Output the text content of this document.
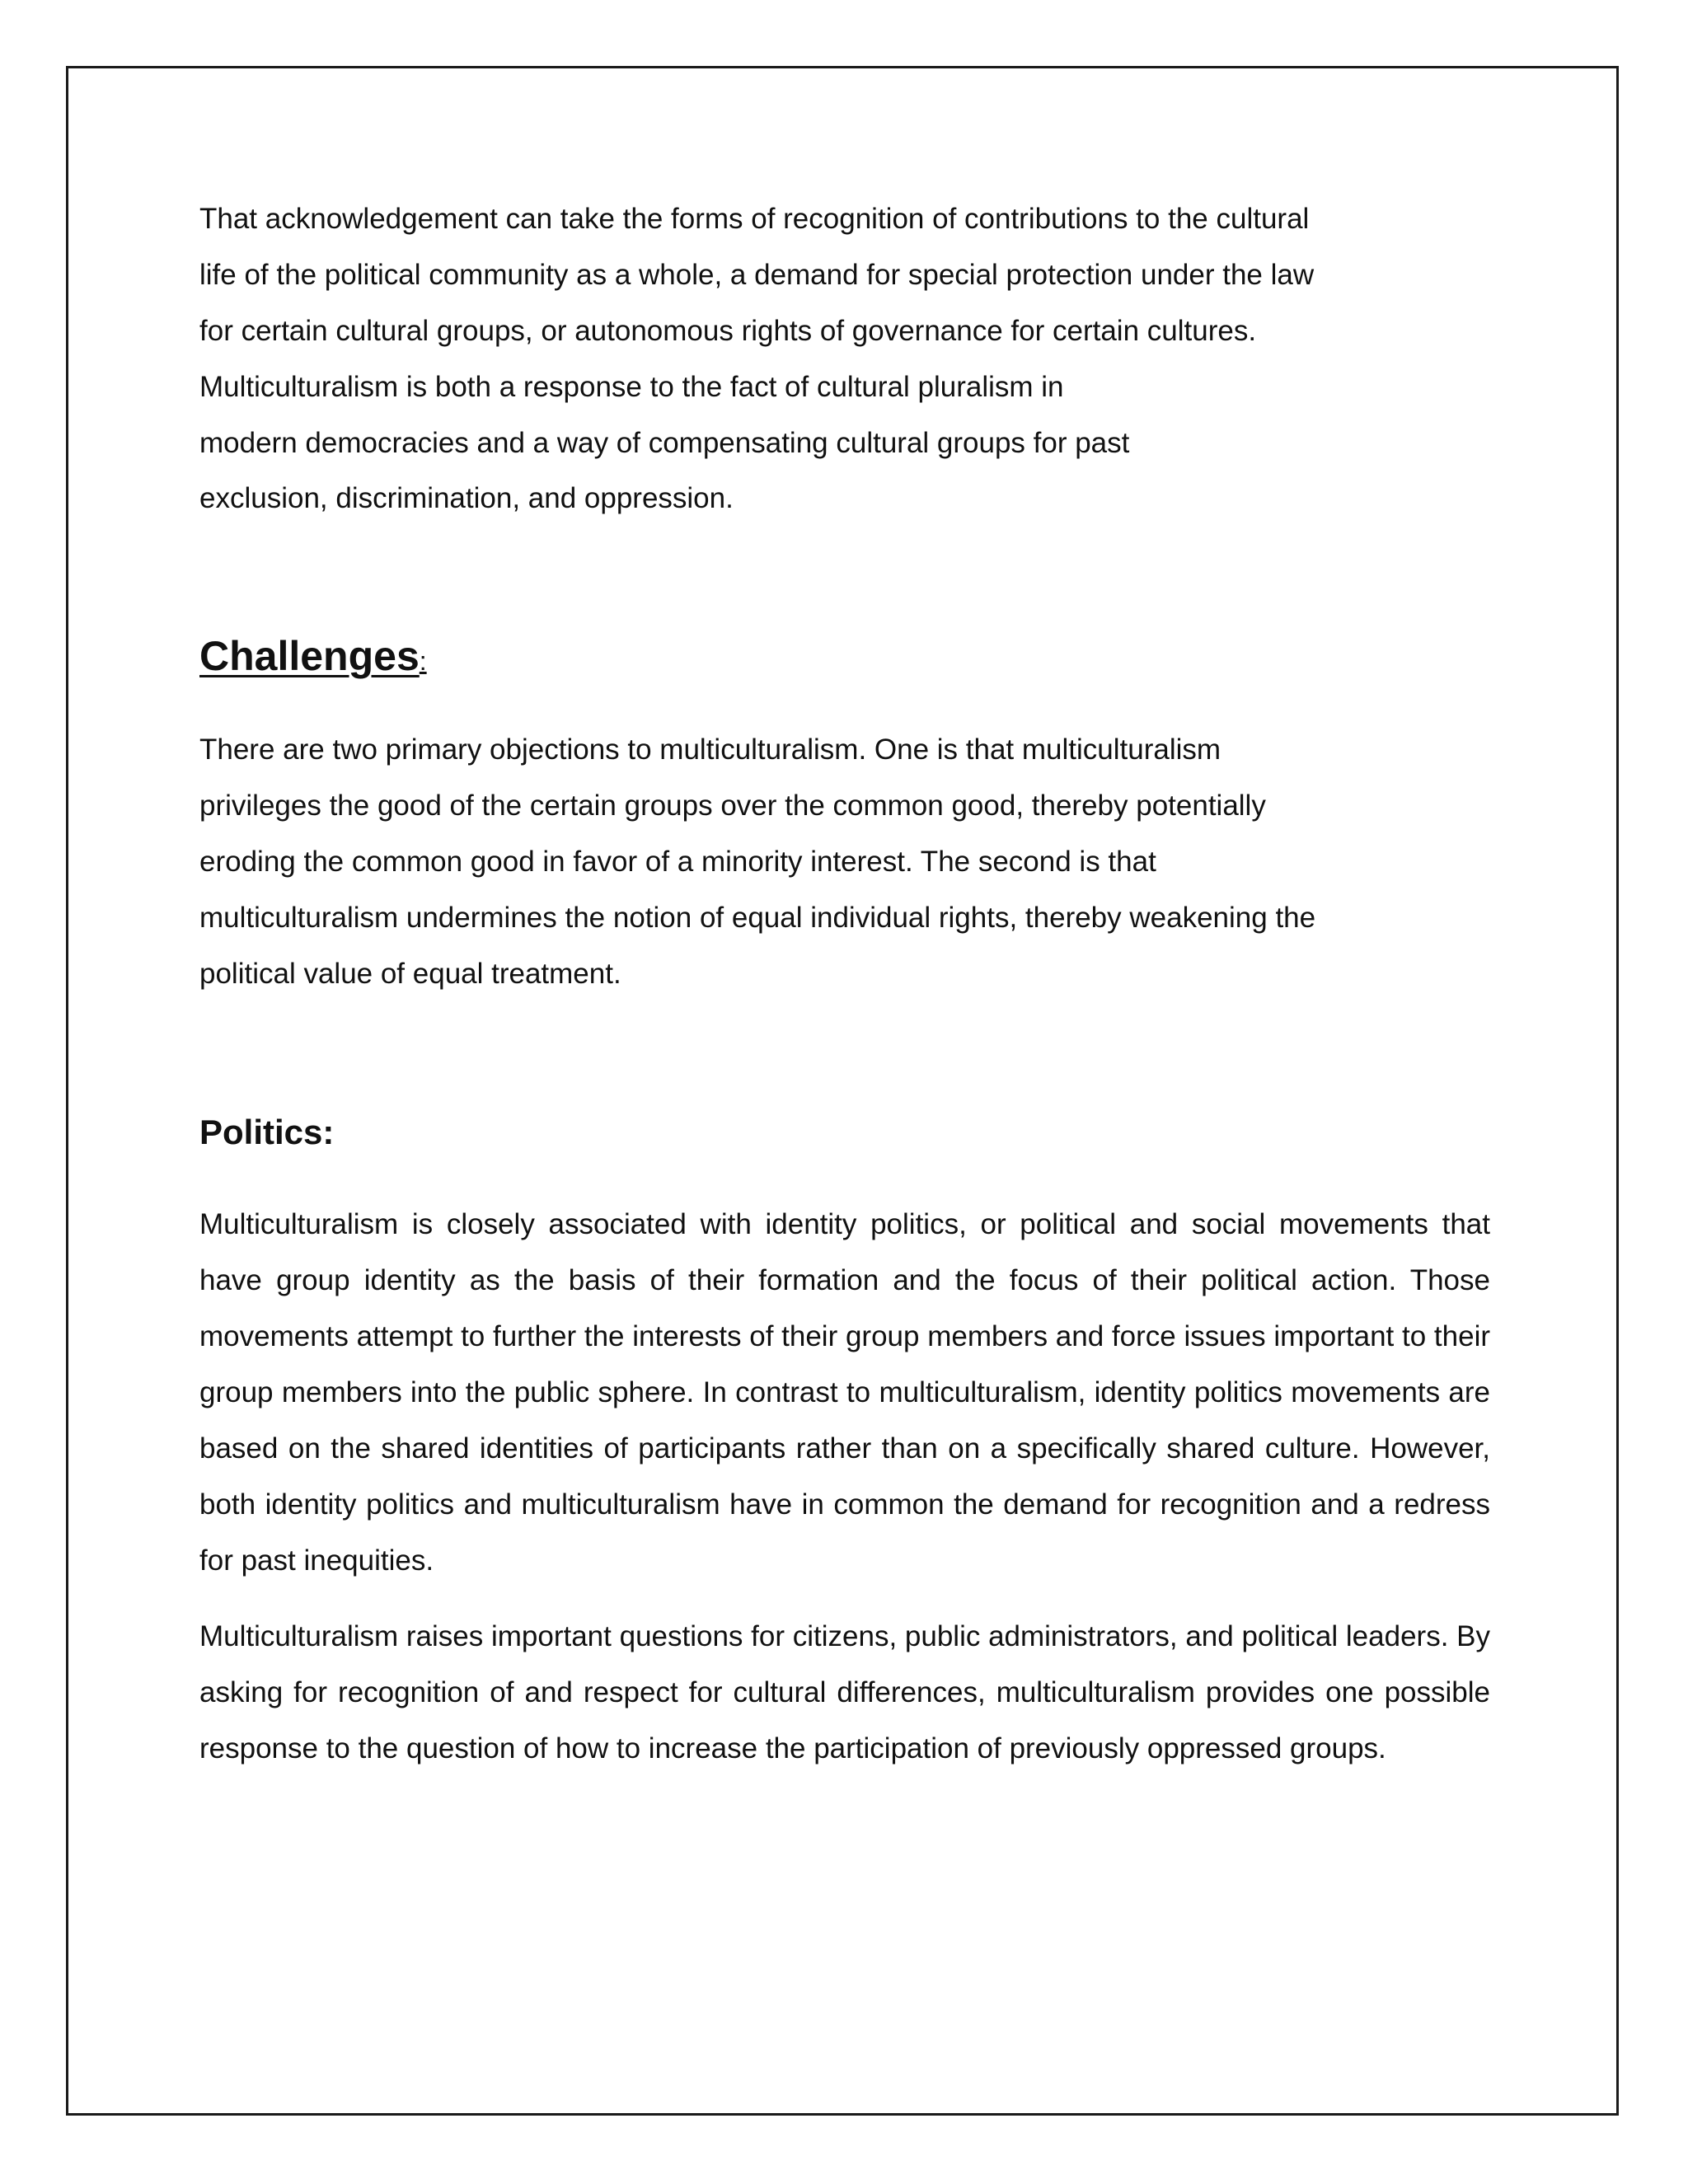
That acknowledgement can take the forms of recognition of contributions to the cultural
life of the political community as a whole, a demand for special protection under the law
for certain cultural groups, or autonomous rights of governance for certain cultures.
Multiculturalism is both a response to the fact of cultural pluralism in
modern democracies and a way of compensating cultural groups for past
exclusion, discrimination, and oppression.

Challenges:

There are two primary objections to multiculturalism. One is that multiculturalism
privileges the good of the certain groups over the common good, thereby potentially
eroding the common good in favor of a minority interest. The second is that
multiculturalism undermines the notion of equal individual rights, thereby weakening the
political value of equal treatment.

Politics:

Multiculturalism is closely associated with identity politics, or political and social movements that have group identity as the basis of their formation and the focus of their political action. Those movements attempt to further the interests of their group members and force issues important to their group members into the public sphere. In contrast to multiculturalism, identity politics movements are based on the shared identities of participants rather than on a specifically shared culture. However, both identity politics and multiculturalism have in common the demand for recognition and a redress for past inequities.

Multiculturalism raises important questions for citizens, public administrators, and political leaders. By asking for recognition of and respect for cultural differences, multiculturalism provides one possible response to the question of how to increase the participation of previously oppressed groups.
